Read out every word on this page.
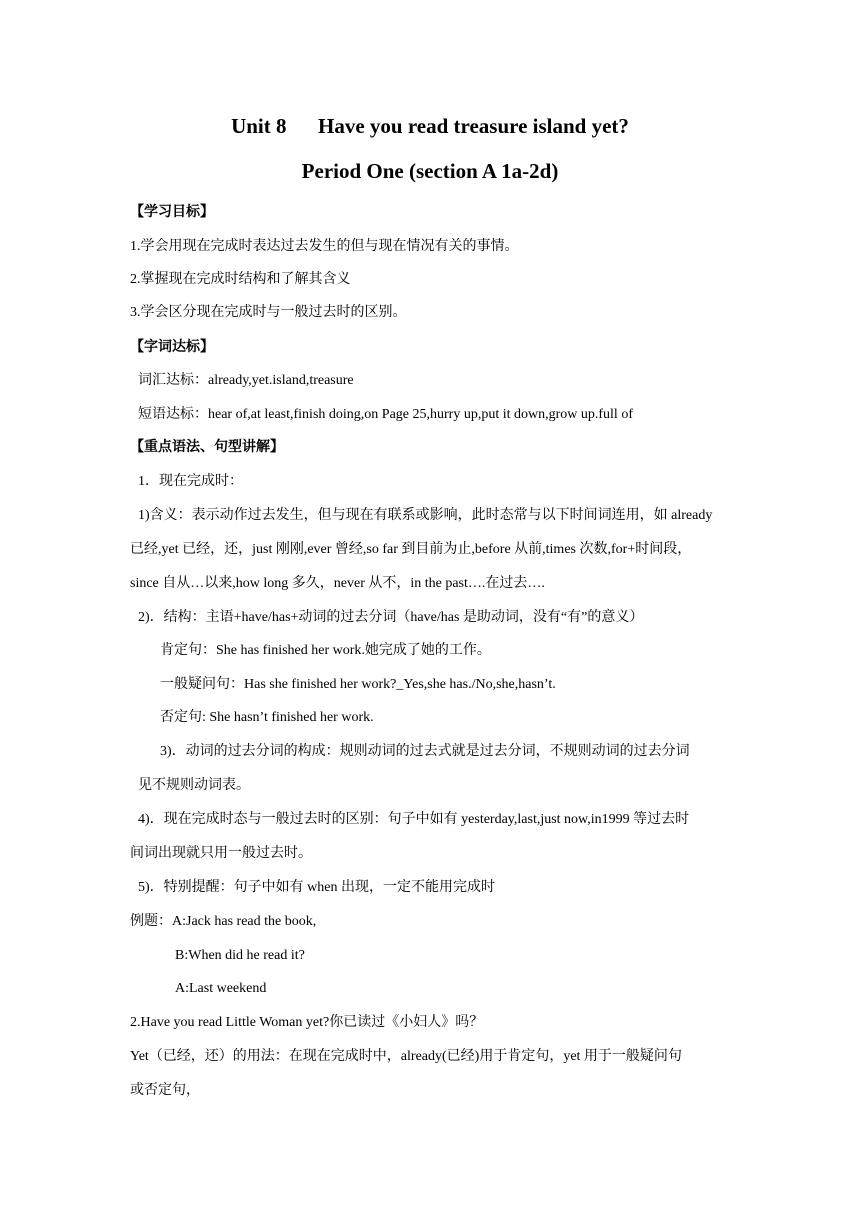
Unit 8      Have you read treasure island yet?
Period One (section A 1a-2d)
【学习目标】
1.学会用现在完成时表达过去发生的但与现在情况有关的事情。
2.掌握现在完成时结构和了解其含义
3.学会区分现在完成时与一般过去时的区别。
【字词达标】
词汇达标：already,yet.island,treasure
短语达标：hear of,at least,finish doing,on Page 25,hurry up,put it down,grow up.full of
【重点语法、句型讲解】
1．现在完成时：
1)含义：表示动作过去发生，但与现在有联系或影响，此时态常与以下时间词连用，如 already
已经,yet 已经，还，just 刚刚,ever 曾经,so far 到目前为止,before 从前,times 次数,for+时间段，
since 自从…以来,how long 多久，never 从不，in the past….在过去….
2)．结构：主语+have/has+动词的过去分词（have/has 是助动词，没有“有”的意义）
肯定句：She has finished her work.她完成了她的工作。
一般疑问句：Has she finished her work?_Yes,she has./No,she,hasn’t.
否定句: She hasn’t finished her work.
3)．动词的过去分词的构成：规则动词的过去式就是过去分词，不规则动词的过去分词
见不规则动词表。
4)．现在完成时态与一般过去时的区别：句子中如有 yesterday,last,just now,in1999 等过去时
间词出现就只用一般过去时。
5)．特别提醒：句子中如有 when 出现，一定不能用完成时
例题：A:Jack has read the book,
B:When did he read it?
A:Last weekend
2.Have you read Little Woman yet?你已读过《小妇人》吗？
Yet（已经，还）的用法：在现在完成时中，already(已经)用于肯定句，yet 用于一般疑问句
或否定句，
